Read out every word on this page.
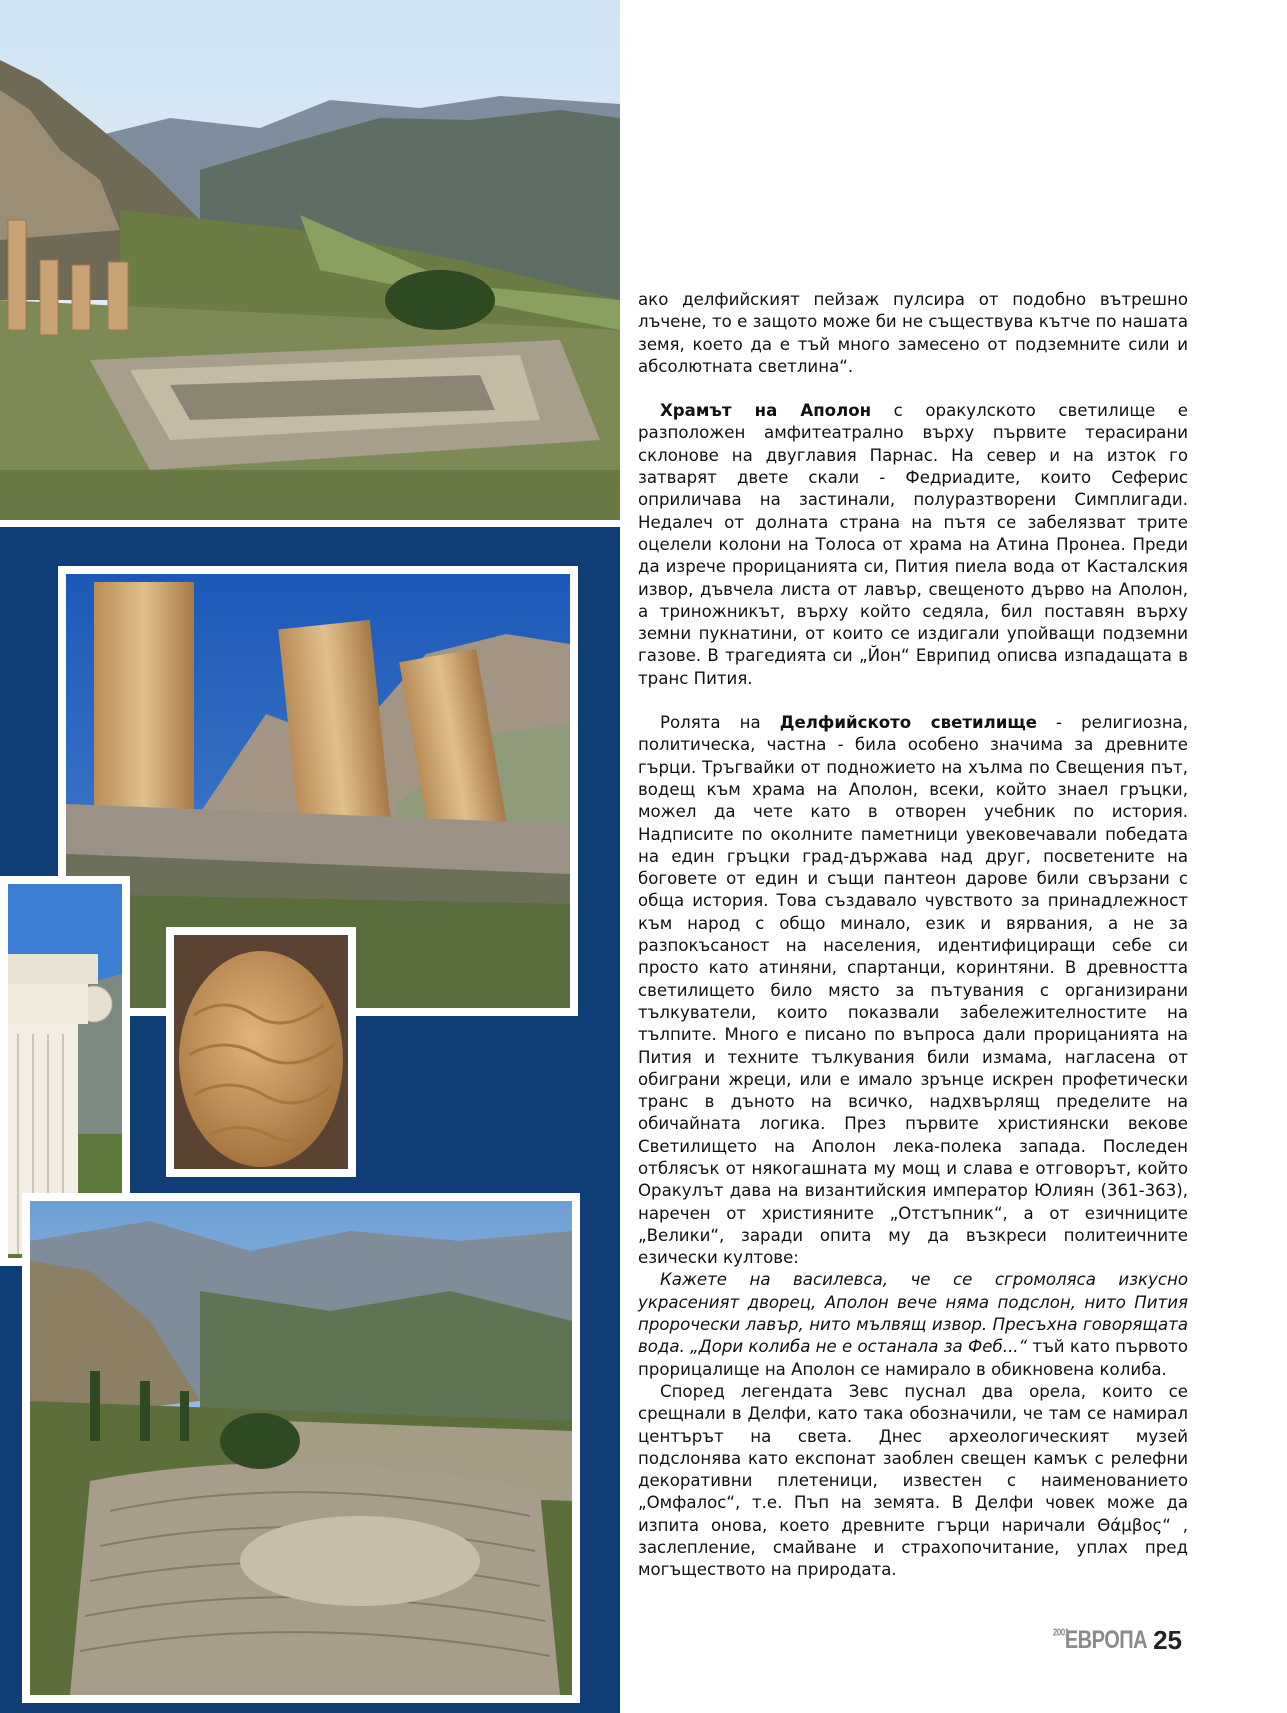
ако делфийският пейзаж пулсира от подобно вътрешно лъчене, то е защото може би не съществува кътче по нашата земя, което да е тъй много замесено от подземните сили и абсолютната светлина“.

Храмът на Аполон с оракулското светилище е разположен амфитеатрално върху първите терасирани склонове на двуглавия Парнас. На север и на изток го затварят двете скали - Федриадите, които Сеферис оприличава на застинали, полуразтворени Симплигади. Недалеч от долната страна на пътя се забелязват трите оцелели колони на Толоса от храма на Атина Пронеа. Преди да изрече прорицанията си, Пития пиела вода от Касталския извор, дъвчела листа от лавър, свещеното дърво на Аполон, а триножникът, върху който седяла, бил поставян върху земни пукнатини, от които се издигали упойващи подземни газове. В трагедията си „Йон“ Еврипид описва изпадащата в транс Пития.

Ролята на Делфийското светилище - религиозна, политическа, частна - била особено значима за древните гърци. Тръгвайки от подножието на хълма по Свещения път, водещ към храма на Аполон, всеки, който знаел гръцки, можел да чете като в отворен учебник по история. Надписите по околните паметници увековечавали победата на един гръцки град-държава над друг, посветените на боговете от един и същи пантеон дарове били свързани с обща история. Това създавало чувството за принадлежност към народ с общо минало, език и вярвания, а не за разпокъсаност на населения, идентифициращи себе си просто като атиняни, спартанци, коринтяни. В древността светилището било място за пътувания с организирани тълкуватели, които показвали забележителностите на тълпите. Много е писано по въпроса дали прорицанията на Пития и техните тълкувания били измама, нагласена от обиграни жреци, или е имало зрънце искрен профетически транс в дъното на всичко, надхвърлящ пределите на обичайната логика. През първите християнски векове Светилището на Аполон лека-полека запада. Последен отблясък от някогашната му мощ и слава е отговорът, който Оракулът дава на византийския император Юлиян (361-363), наречен от християните „Отстъпник“, а от езичниците „Велики“, заради опита му да възкреси политеичните езически култове:

Кажете на василевса, че се сгромоляса изкусно украсеният дворец, Аполон вече няма подслон, нито Пития пророчески лавър, нито мълвящ извор. Пресъхна говорящата вода. „Дори колиба не е останала за Феб...“ тъй като първото прорицалище на Аполон се намирало в обикновена колиба.

Според легендата Зевс пуснал два орела, които се срещнали в Делфи, като така обозначили, че там се намирал центърът на света. Днес археологическият музей подслонява като експонат заоблен свещен камък с релефни декоративни плетеници, известен с наименованието „Омфалос“, т.е. Пъп на земята. В Делфи човек може да изпита онова, което древните гърци наричали Θάμβος“ , заслепление, смайване и страхопочитание, уплах пред могъществото на природата.

2001ЕВРОПА 25
